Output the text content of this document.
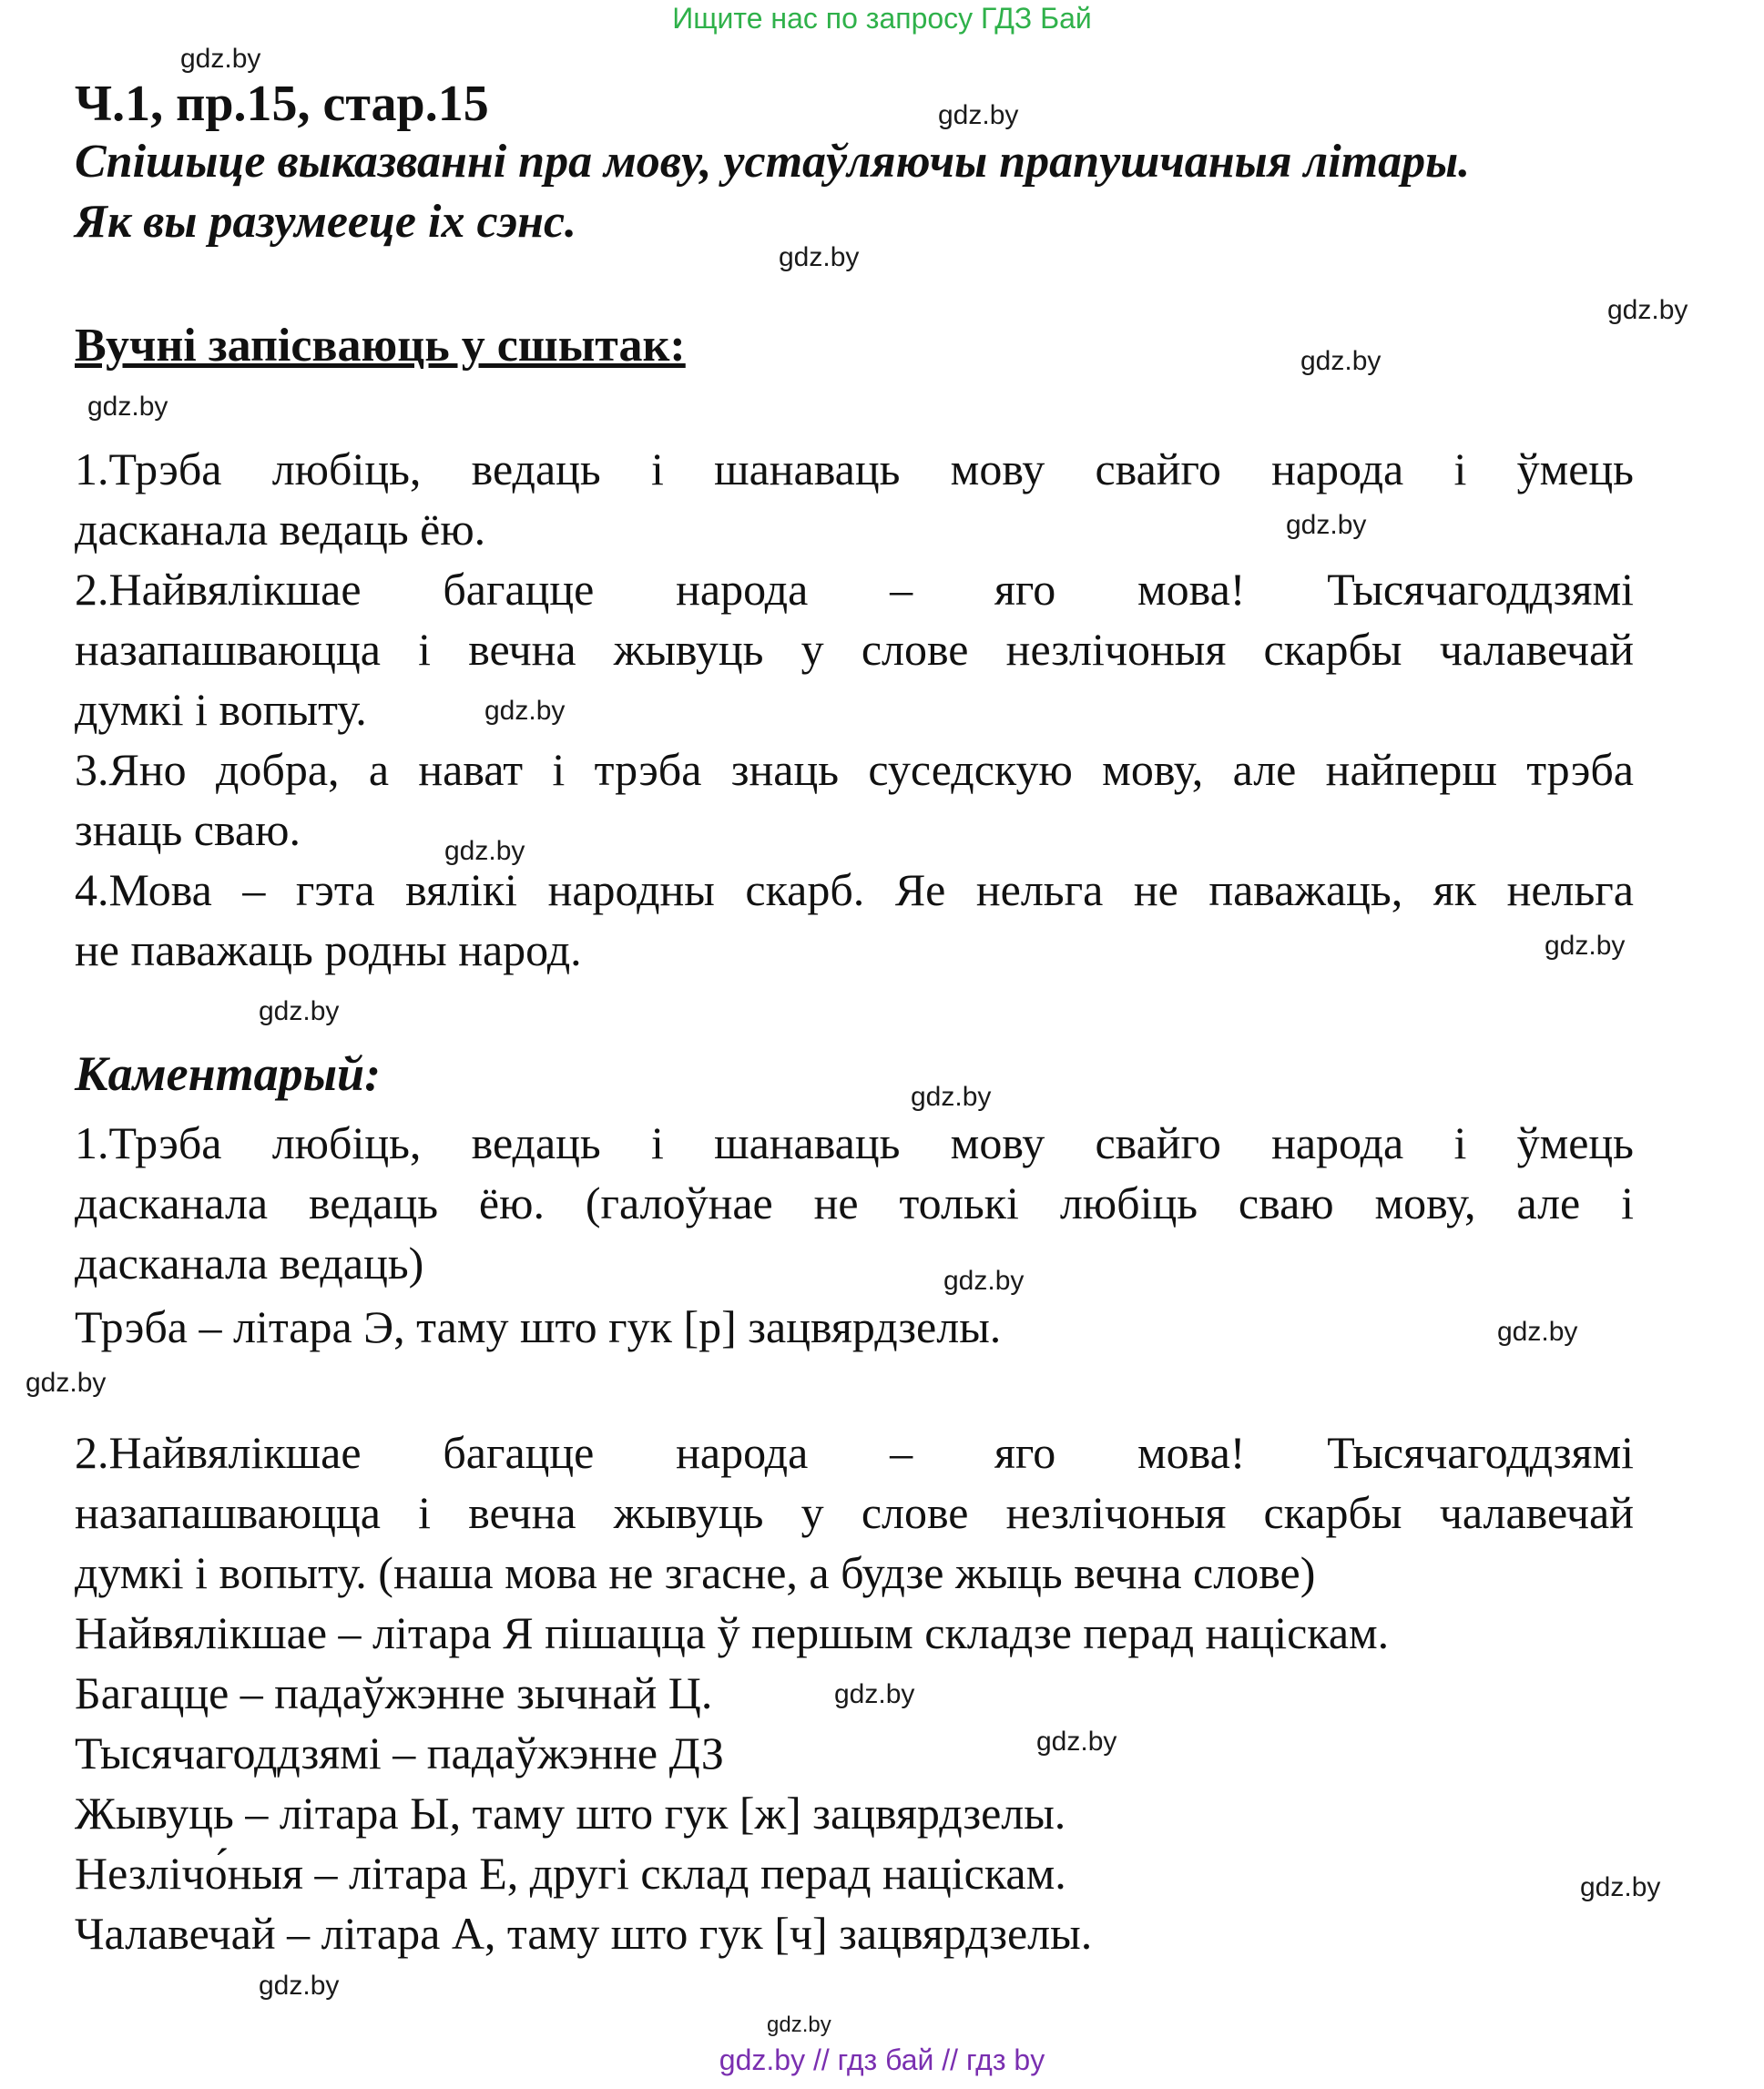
Ищите нас по запросу ГДЗ Бай
gdz.by
gdz.by
gdz.by
gdz.by
gdz.by
gdz.by
gdz.by
gdz.by
gdz.by
gdz.by
gdz.by
gdz.by
gdz.by
gdz.by
gdz.by
gdz.by
gdz.by
gdz.by
gdz.by
gdz.by
Ч.1, пр.15, стар.15
Спішыце выказванні пра мову, устаўляючы прапушчаныя літары.
Як вы разумееце іх сэнс.
Вучні запісваюць у сшытак:
1.Трэба любіць, ведаць і шанаваць мову свайго народа і ўмець
дасканала ведаць ёю.
2.Найвялікшае багацце народа – яго мова! Тысячагоддзямі
назапашваюцца і вечна жывуць у слове незлічоныя скарбы чалавечай
думкі і вопыту.
3.Яно добра, а нават і трэба знаць суседскую мову, але найперш трэба
знаць сваю.
4.Мова – гэта вялікі народны скарб. Яе нельга не паважаць, як нельга
не паважаць родны народ.
Каментарый:
1.Трэба любіць, ведаць і шанаваць мову свайго народа і ўмець
дасканала ведаць ёю. (галоўнае не толькі любіць сваю мову, але і
дасканала ведаць)
Трэба – літара Э, таму што гук [р] зацвярдзелы.
2.Найвялікшае багацце народа – яго мова! Тысячагоддзямі
назапашваюцца і вечна жывуць у слове незлічоныя скарбы чалавечай
думкі і вопыту. (наша мова не згасне, а будзе жыць вечна слове)
Найвялікшае – літара Я пішацца ў першым складзе перад націскам.
Багацце – падаўжэнне зычнай Ц.
Тысячагоддзямі – падаўжэнне ДЗ
Жывуць – літара Ы, таму што гук [ж] зацвярдзелы.
Незлічо́ныя – літара Е, другі склад перад націскам.
Чалавечай – літара А, таму што гук [ч] зацвярдзелы.
gdz.by // гдз бай // гдз by
